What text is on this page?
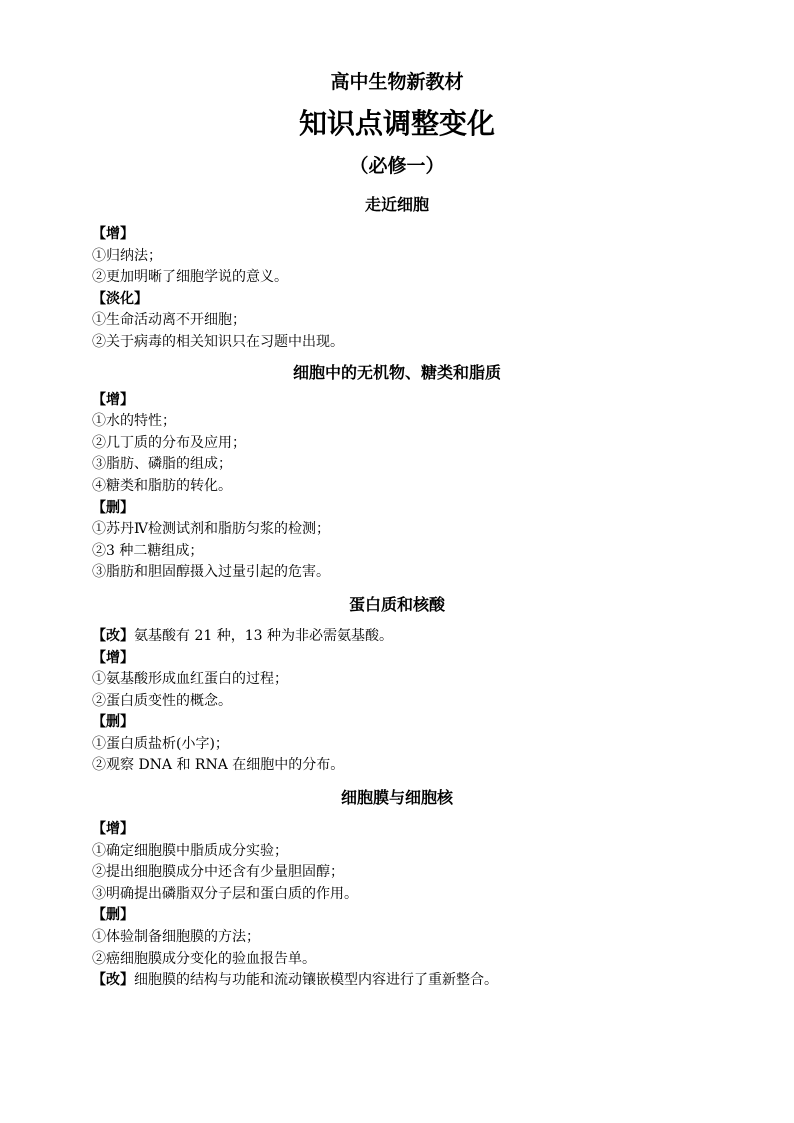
高中生物新教材
知识点调整变化
（必修一）
走近细胞

【增】

①归纳法；

②更加明晰了细胞学说的意义。

【淡化】

①生命活动离不开细胞；

②关于病毒的相关知识只在习题中出现。

细胞中的无机物、糖类和脂质

【增】

①水的特性；

②几丁质的分布及应用；

③脂肪、磷脂的组成；

④糖类和脂肪的转化。

【删】

①苏丹Ⅳ检测试剂和脂肪匀浆的检测；

②3 种二糖组成；

③脂肪和胆固醇摄入过量引起的危害。

蛋白质和核酸

【改】氨基酸有 21 种，13 种为非必需氨基酸。

【增】

①氨基酸形成血红蛋白的过程；

②蛋白质变性的概念。

【删】

①蛋白质盐析(小字)；

②观察 DNA 和 RNA 在细胞中的分布。

细胞膜与细胞核

【增】

①确定细胞膜中脂质成分实验；

②提出细胞膜成分中还含有少量胆固醇；

③明确提出磷脂双分子层和蛋白质的作用。

【删】

①体验制备细胞膜的方法；

②癌细胞膜成分变化的验血报告单。

【改】细胞膜的结构与功能和流动镶嵌模型内容进行了重新整合。
